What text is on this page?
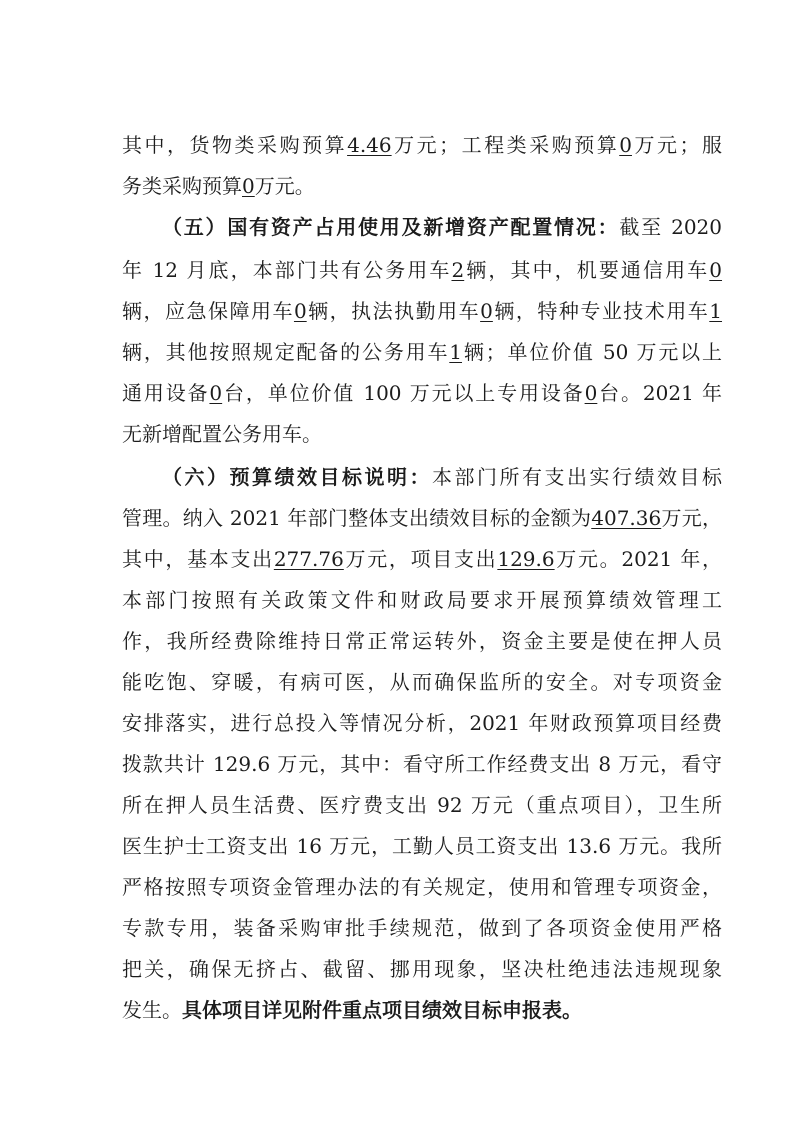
其中，货物类采购预算4.46万元；工程类采购预算0万元；服
务类采购预算0万元。
（五）国有资产占用使用及新增资产配置情况：截至 2020
年 12 月底，本部门共有公务用车2辆，其中，机要通信用车0
辆，应急保障用车0辆，执法执勤用车0辆，特种专业技术用车1
辆，其他按照规定配备的公务用车1辆；单位价值 50 万元以上
通用设备0台，单位价值 100 万元以上专用设备0台。2021 年
无新增配置公务用车。
（六）预算绩效目标说明：本部门所有支出实行绩效目标
管理。纳入 2021 年部门整体支出绩效目标的金额为407.36万元，
其中，基本支出277.76万元，项目支出129.6万元。2021 年，
本部门按照有关政策文件和财政局要求开展预算绩效管理工
作，我所经费除维持日常正常运转外，资金主要是使在押人员
能吃饱、穿暖，有病可医，从而确保监所的安全。对专项资金
安排落实，进行总投入等情况分析，2021 年财政预算项目经费
拨款共计 129.6 万元，其中：看守所工作经费支出 8 万元，看守
所在押人员生活费、医疗费支出 92 万元（重点项目），卫生所
医生护士工资支出 16 万元，工勤人员工资支出 13.6 万元。我所
严格按照专项资金管理办法的有关规定，使用和管理专项资金，
专款专用，装备采购审批手续规范，做到了各项资金使用严格
把关，确保无挤占、截留、挪用现象，坚决杜绝违法违规现象
发生。具体项目详见附件重点项目绩效目标申报表。
